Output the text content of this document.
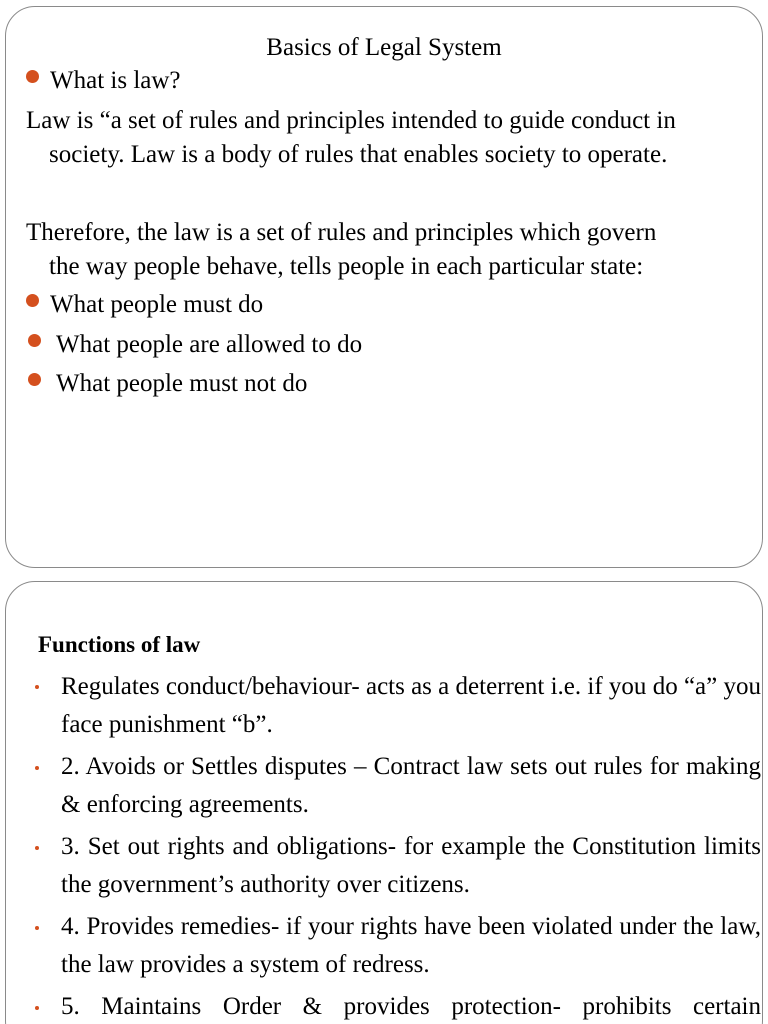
Basics of Legal System
What is law?
Law is “a set of rules and principles intended to guide conduct in
society. Law is a body of rules that enables society to operate.
Therefore, the law is a set of rules and principles which govern
the way people behave, tells people in each particular state:
What people must do
What people are allowed to do
What people must not do
Functions of law
Regulates conduct/behaviour- acts as a deterrent i.e. if you do “a” you face punishment “b”.
2. Avoids or Settles disputes – Contract law sets out rules for making & enforcing agreements.
3. Set out rights and obligations- for example the Constitution limits the government’s authority over citizens.
4. Provides remedies- if your rights have been violated under the law, the law provides a system of redress.
5. Maintains Order & provides protection- prohibits certain
